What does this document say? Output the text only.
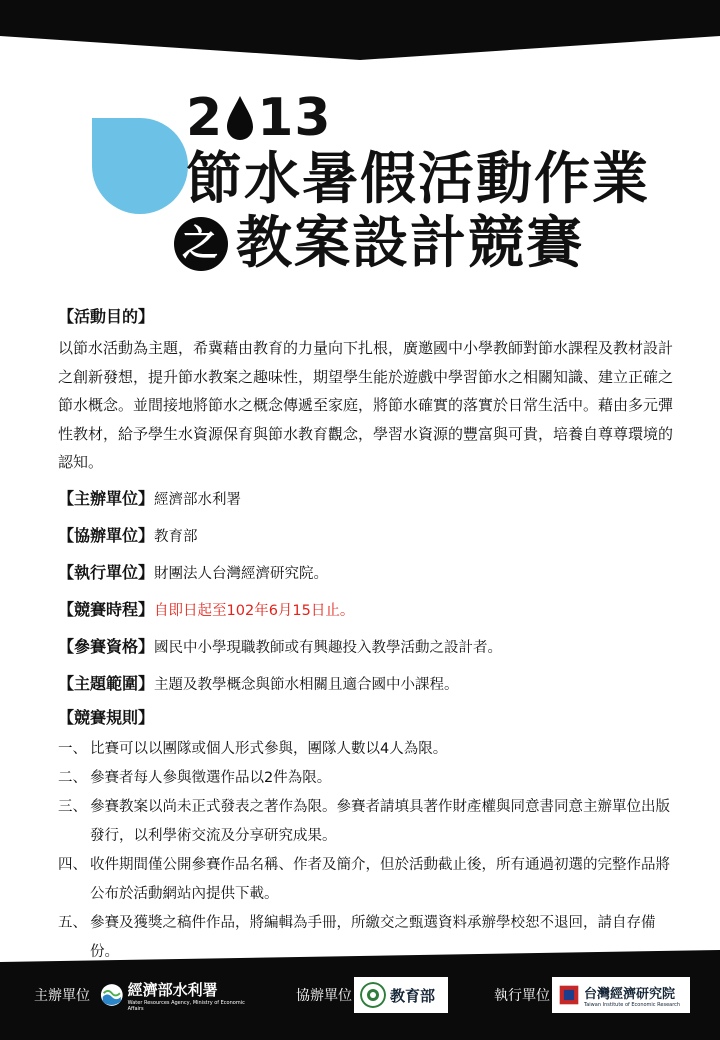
2 13
節水暑假活動作業
之 教案設計競賽
【活動目的】
以節水活動為主題，希冀藉由教育的力量向下扎根，廣邀國中小學教師對節水課程及教材設計之創新發想，提升節水教案之趣味性，期望學生能於遊戲中學習節水之相關知識、建立正確之節水概念。並間接地將節水之概念傳遞至家庭，將節水確實的落實於日常生活中。藉由多元彈性教材，給予學生水資源保育與節水教育觀念，學習水資源的豐富與可貴，培養自尊尊環境的認知。
【主辦單位】經濟部水利署
【協辦單位】教育部
【執行單位】財團法人台灣經濟研究院。
【競賽時程】自即日起至102年6月15日止。
【參賽資格】國民中小學現職教師或有興趣投入教學活動之設計者。
【主題範圍】主題及教學概念與節水相關且適合國中小課程。
【競賽規則】
一、 比賽可以以團隊或個人形式參與，團隊人數以4人為限。
二、 參賽者每人參與徵選作品以2件為限。
三、 參賽教案以尚未正式發表之著作為限。參賽者請填具著作財產權與同意書同意主辦單位出版發行，以利學術交流及分享研究成果。
四、 收件期間僅公開參賽作品名稱、作者及簡介，但於活動截止後，所有通過初選的完整作品將公布於活動網站內提供下載。
五、 參賽及獲獎之稿件作品，將編輯為手冊，所繳交之甄選資料承辦學校恕不退回，請自存備份。
主辦單位	經濟部水利署
Water Resources Agency, Ministry of Economic Affairs
協辦單位	教育部	執行單位	台灣經濟研究院
Taiwan Institute of Economic Research
